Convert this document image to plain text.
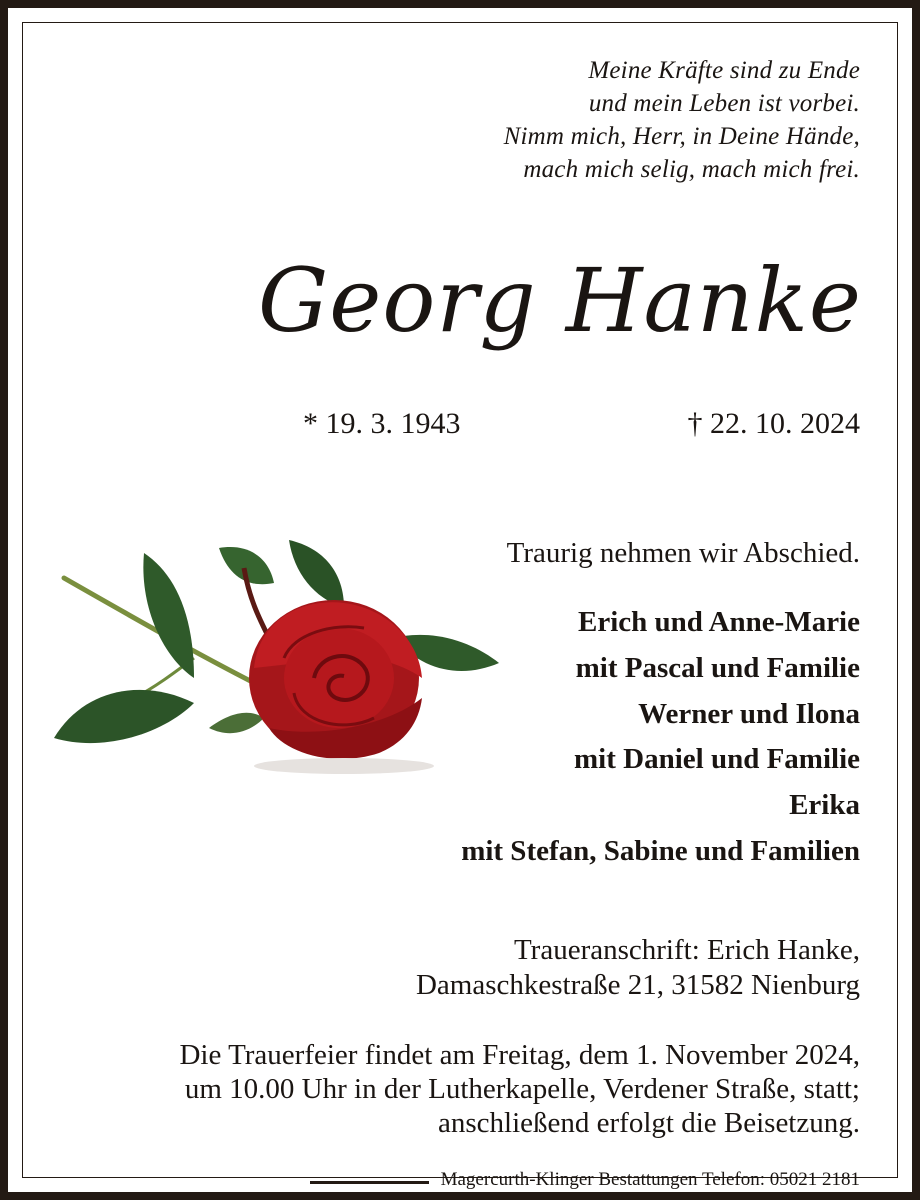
Meine Kräfte sind zu Ende
und mein Leben ist vorbei.
Nimm mich, Herr, in Deine Hände,
mach mich selig, mach mich frei.
Georg Hanke
* 19. 3. 1943	† 22. 10. 2024
Traurig nehmen wir Abschied.
Erich und Anne-Marie
mit Pascal und Familie
Werner und Ilona
mit Daniel und Familie
Erika
mit Stefan, Sabine und Familien
Traueranschrift: Erich Hanke,
Damaschkestraße 21, 31582 Nienburg
Die Trauerfeier findet am Freitag, dem 1. November 2024,
um 10.00 Uhr in der Lutherkapelle, Verdener Straße, statt;
anschließend erfolgt die Beisetzung.
Magercurth-Klinger Bestattungen Telefon: 05021 2181
